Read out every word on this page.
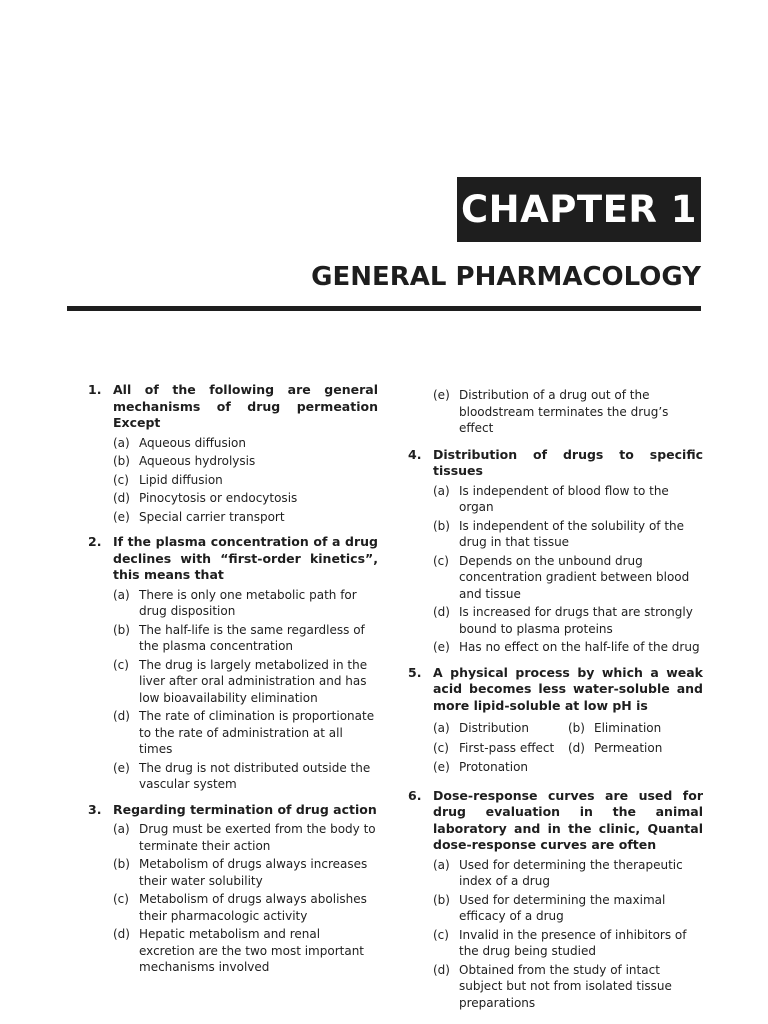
CHAPTER 1
GENERAL PHARMACOLOGY
1. All of the following are general mechanisms of drug permeation Except
(a) Aqueous diffusion
(b) Aqueous hydrolysis
(c) Lipid diffusion
(d) Pinocytosis or endocytosis
(e) Special carrier transport
2. If the plasma concentration of a drug declines with “first-order kinetics”, this means that
(a) There is only one metabolic path for drug disposition
(b) The half-life is the same regardless of the plasma concentration
(c) The drug is largely metabolized in the liver after oral administration and has low bioavailability elimination
(d) The rate of climination is proportionate to the rate of administration at all times
(e) The drug is not distributed outside the vascular system
3. Regarding termination of drug action
(a) Drug must be exerted from the body to terminate their action
(b) Metabolism of drugs always increases their water solubility
(c) Metabolism of drugs always abolishes their pharmacologic activity
(d) Hepatic metabolism and renal excretion are the two most important mechanisms involved
(e) Distribution of a drug out of the bloodstream terminates the drug’s effect
4. Distribution of drugs to specific tissues
(a) Is independent of blood flow to the organ
(b) Is independent of the solubility of the drug in that tissue
(c) Depends on the unbound drug concentration gradient between blood and tissue
(d) Is increased for drugs that are strongly bound to plasma proteins
(e) Has no effect on the half-life of the drug
5. A physical process by which a weak acid becomes less water-soluble and more lipid-soluble at low pH is
(a) Distribution	(b) Elimination
(c) First-pass effect	(d) Permeation
(e) Protonation
6. Dose-response curves are used for drug evaluation in the animal laboratory and in the clinic, Quantal dose-response curves are often
(a) Used for determining the therapeutic index of a drug
(b) Used for determining the maximal efficacy of a drug
(c) Invalid in the presence of inhibitors of the drug being studied
(d) Obtained from the study of intact subject but not from isolated tissue preparations
